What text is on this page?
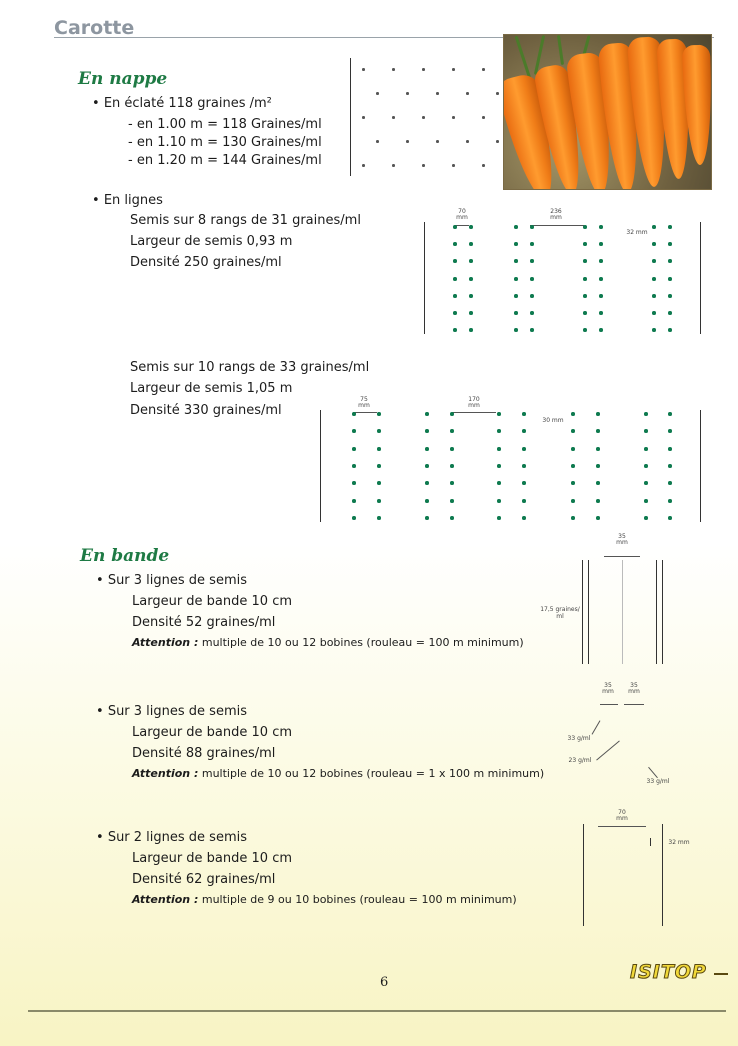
Carotte
En nappe
• En éclaté 118 graines /m²
- en 1.00 m = 118 Graines/ml
- en 1.10 m = 130 Graines/ml
- en 1.20 m = 144 Graines/ml
• En lignes
Semis sur 8 rangs de 31 graines/ml
Largeur de semis 0,93 m
Densité 250 graines/ml
70
mm
236
mm
32 mm
Semis sur 10 rangs de 33 graines/ml
Largeur de semis 1,05 m
Densité 330 graines/ml
75
mm
170
mm
30 mm
En bande
• Sur 3 lignes de semis
Largeur de bande 10 cm
Densité 52 graines/ml
Attention : multiple de 10 ou 12 bobines (rouleau = 100 m minimum)
• Sur 3 lignes de semis
Largeur de bande 10 cm
Densité 88 graines/ml
Attention : multiple de 10 ou 12 bobines (rouleau = 1 x 100 m minimum)
• Sur 2 lignes de semis
Largeur de bande 10 cm
Densité 62 graines/ml
Attention : multiple de 9 ou 10 bobines (rouleau = 100 m minimum)
35
mm
17,5 graines/
ml
35
mm
35
mm
33 g/ml
23 g/ml
33 g/ml
70
mm
32 mm
6	ISITOP
